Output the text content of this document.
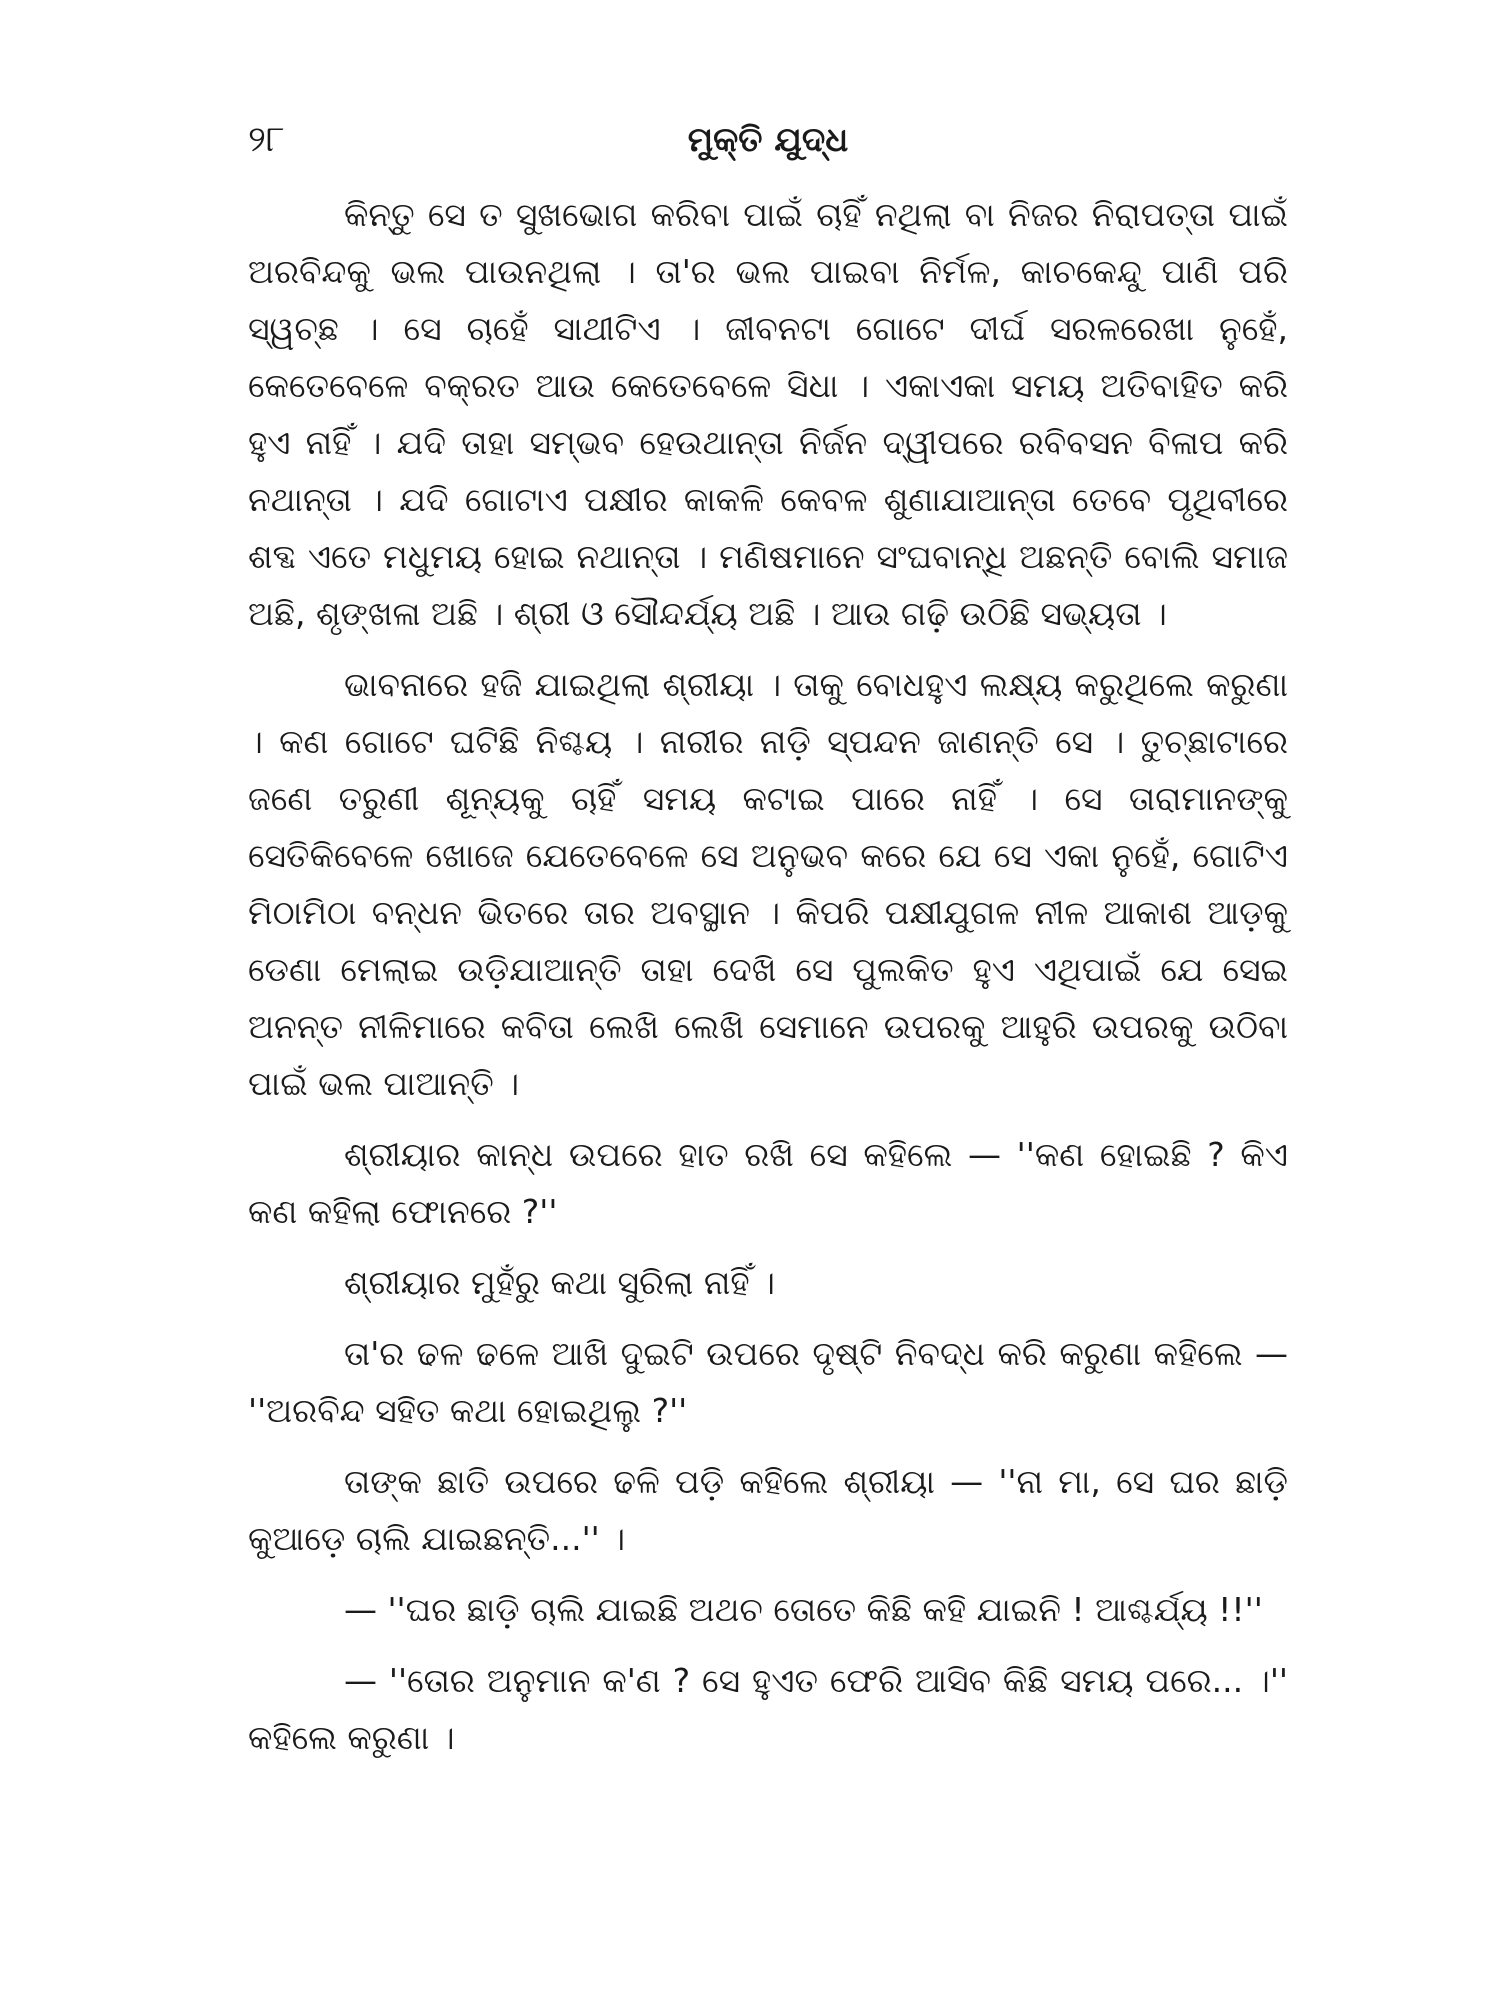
୨୮	ମୁକ୍ତି ଯୁଦ୍ଧ

କିନ୍ତୁ ସେ ତ ସୁଖଭୋଗ କରିବା ପାଇଁ ଚାହିଁ ନଥିଲା ବା ନିଜର ନିରାପତ୍ତା ପାଇଁ ଅରବିନ୍ଦକୁ ଭଲ ପାଉନଥିଲା । ତା'ର ଭଲ ପାଇବା ନିର୍ମଳ, କାଚକେନ୍ଦୁ ପାଣି ପରି ସ୍ୱଚ୍ଛ । ସେ ଚାହେଁ ସାଥୀଟିଏ । ଜୀବନଟା ଗୋଟେ ଦୀର୍ଘ ସରଳରେଖା ନୁହେଁ, କେତେବେଳେ ବକ୍ରତ ଆଉ କେତେବେଳେ ସିଧା । ଏକାଏକା ସମୟ ଅତିବାହିତ କରି ହୁଏ ନାହିଁ । ଯଦି ତାହା ସମ୍ଭବ ହେଉଥାନ୍ତା ନିର୍ଜନ ଦ୍ୱୀପରେ ରବିବସନ ବିଳାପ କରି ନଥାନ୍ତା । ଯଦି ଗୋଟାଏ ପକ୍ଷୀର କାକଳି କେବଳ ଶୁଣାଯାଆନ୍ତା ତେବେ ପୃଥିବୀରେ ଶବ୍ଦ ଏତେ ମଧୁମୟ ହୋଇ ନଥାନ୍ତା । ମଣିଷମାନେ ସଂଘବାନ୍ଧି ଅଛନ୍ତି ବୋଲି ସମାଜ ଅଛି, ଶୃଙ୍ଖଳା ଅଛି । ଶ୍ରୀ ଓ ସୌନ୍ଦର୍ଯ୍ୟ ଅଛି । ଆଉ ଗଢ଼ି ଉଠିଛି ସଭ୍ୟତା ।

ଭାବନାରେ ହଜି ଯାଇଥିଲା ଶ୍ରୀୟା । ତାକୁ ବୋଧହୁଏ ଲକ୍ଷ୍ୟ କରୁଥିଲେ କରୁଣା । କଣ ଗୋଟେ ଘଟିଛି ନିଶ୍ଚୟ । ନାରୀର ନାଡ଼ି ସ୍ପନ୍ଦନ ଜାଣନ୍ତି ସେ । ତୁଚ୍ଛାଟାରେ ଜଣେ ତରୁଣୀ ଶୂନ୍ୟକୁ ଚାହିଁ ସମୟ କଟାଇ ପାରେ ନାହିଁ । ସେ ତାରାମାନଙ୍କୁ ସେତିକିବେଳେ ଖୋଜେ ଯେତେବେଳେ ସେ ଅନୁଭବ କରେ ଯେ ସେ ଏକା ନୁହେଁ, ଗୋଟିଏ ମିଠାମିଠା ବନ୍ଧନ ଭିତରେ ତାର ଅବସ୍ଥାନ । କିପରି ପକ୍ଷୀଯୁଗଳ ନୀଳ ଆକାଶ ଆଡ଼କୁ ଡେଣା ମେଲାଇ ଉଡ଼ିଯାଆନ୍ତି ତାହା ଦେଖି ସେ ପୁଲକିତ ହୁଏ ଏଥିପାଇଁ ଯେ ସେଇ ଅନନ୍ତ ନୀଳିମାରେ କବିତା ଲେଖି ଲେଖି ସେମାନେ ଉପରକୁ ଆହୁରି ଉପରକୁ ଉଠିବା ପାଇଁ ଭଲ ପାଆନ୍ତି ।

ଶ୍ରୀୟାର କାନ୍ଧ ଉପରେ ହାତ ରଖି ସେ କହିଲେ — ''କଣ ହୋଇଛି ? କିଏ କଣ କହିଲା ଫୋନରେ ?''

ଶ୍ରୀୟାର ମୁହଁରୁ କଥା ସୁରିଲା ନାହିଁ ।

ତା'ର ଢଳ ଢଳେ ଆଖି ଦୁଇଟି ଉପରେ ଦୃଷ୍ଟି ନିବଦ୍ଧ କରି କରୁଣା କହିଲେ — ''ଅରବିନ୍ଦ ସହିତ କଥା ହୋଇଥିଲୁ ?''

ତାଙ୍କ ଛାତି ଉପରେ ଢଳି ପଡ଼ି କହିଲେ ଶ୍ରୀୟା — ''ନା ମା, ସେ ଘର ଛାଡ଼ି କୁଆଡ଼େ ଚାଲି ଯାଇଛନ୍ତି...'' ।

— ''ଘର ଛାଡ଼ି ଚାଲି ଯାଇଛି ଅଥଚ ତୋତେ କିଛି କହି ଯାଇନି ! ଆଶ୍ଚର୍ଯ୍ୟ !!''

— ''ତୋର ଅନୁମାନ କ'ଣ ? ସେ ହୁଏତ ଫେରି ଆସିବ କିଛି ସମୟ ପରେ... ।'' କହିଲେ କରୁଣା ।
